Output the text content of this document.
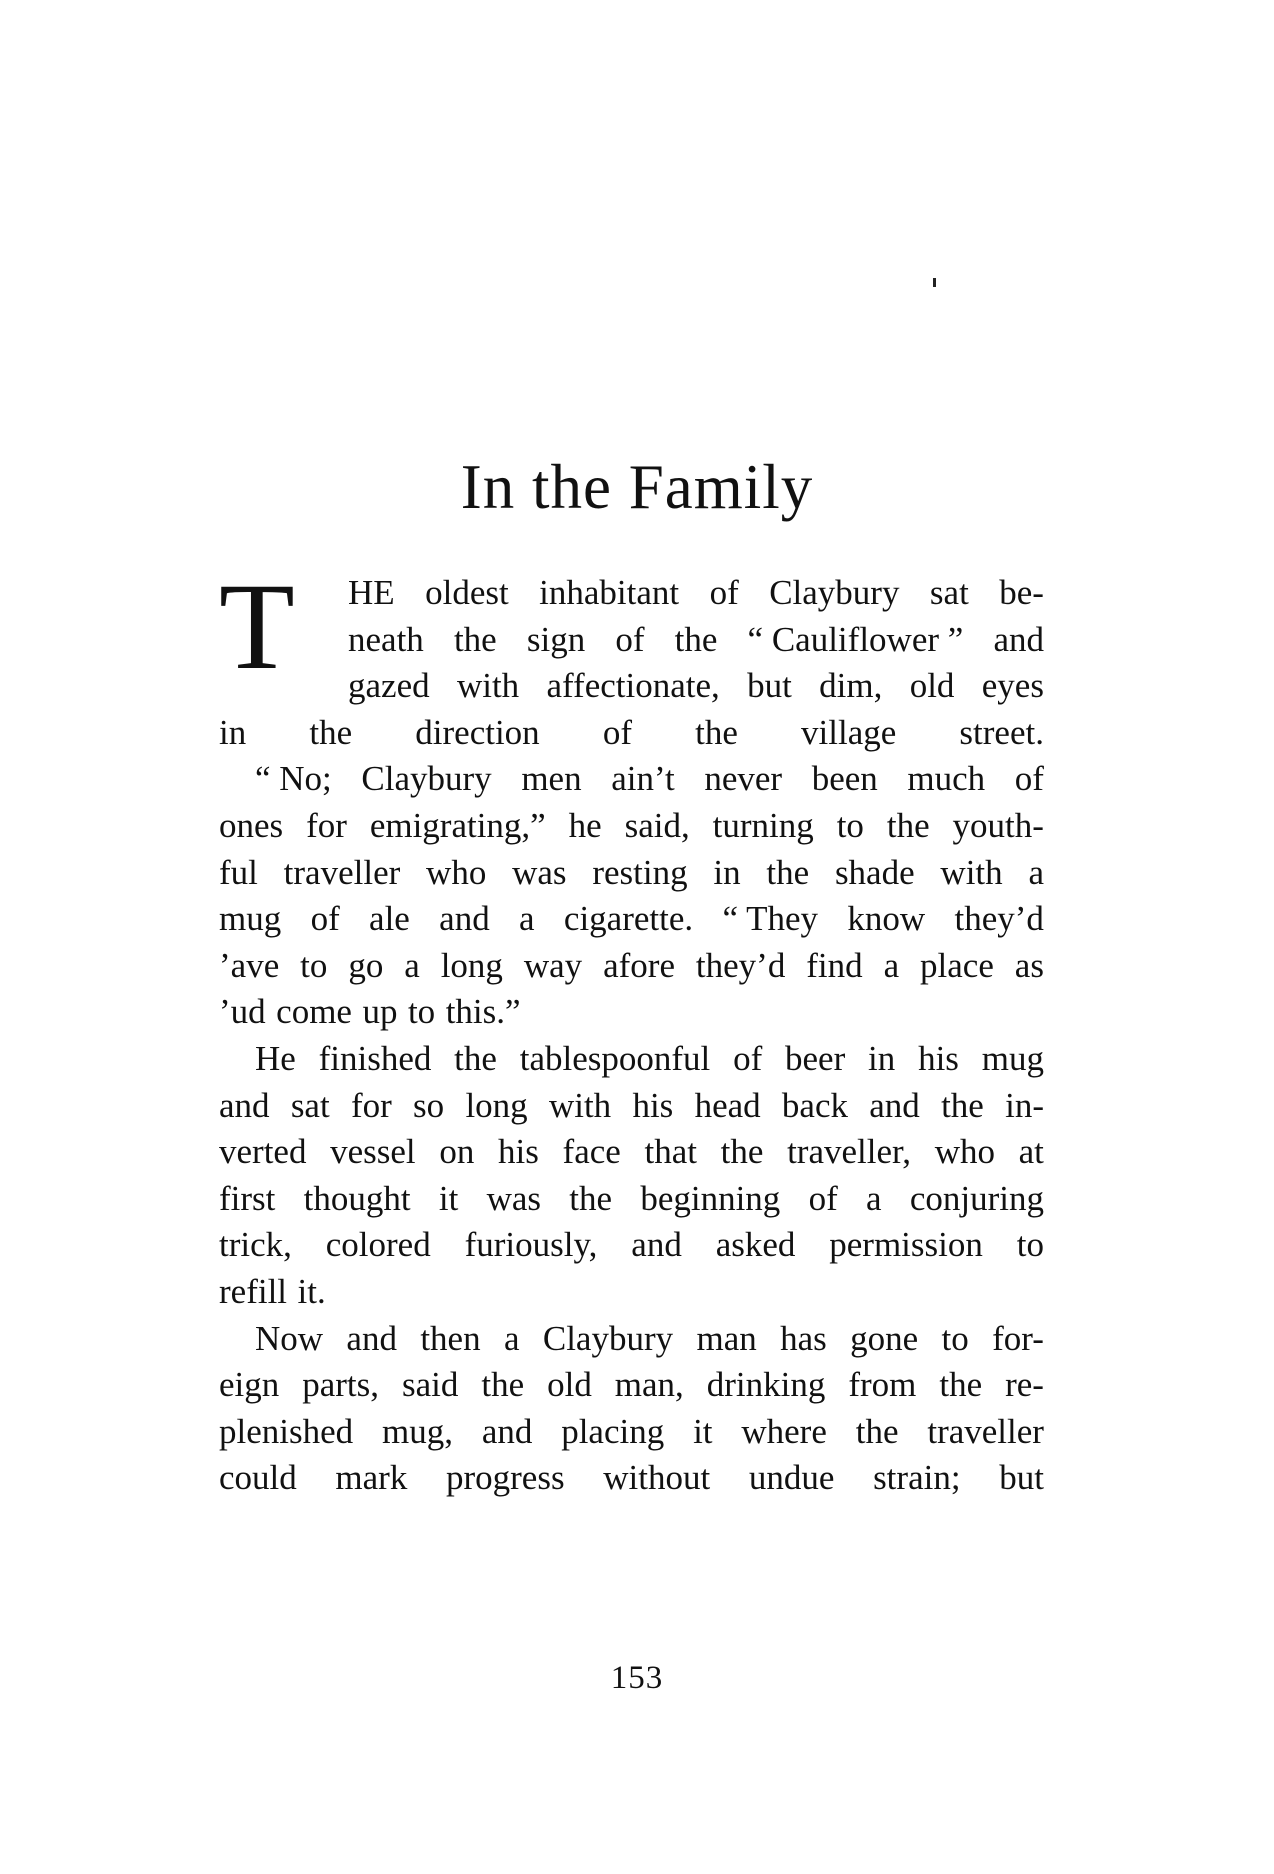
In the Family
T HE oldest inhabitant of Claybury sat be-
neath the sign of the “ Cauliflower ” and
gazed with affectionate, but dim, old eyes
in the direction of the village street.
“ No; Claybury men ain’t never been much of
ones for emigrating,” he said, turning to the youth-
ful traveller who was resting in the shade with a
mug of ale and a cigarette. “ They know they’d
’ave to go a long way afore they’d find a place as
’ud come up to this.”
He finished the tablespoonful of beer in his mug
and sat for so long with his head back and the in-
verted vessel on his face that the traveller, who at
first thought it was the beginning of a conjuring
trick, colored furiously, and asked permission to
refill it.
Now and then a Claybury man has gone to for-
eign parts, said the old man, drinking from the re-
plenished mug, and placing it where the traveller
could mark progress without undue strain; but
153
